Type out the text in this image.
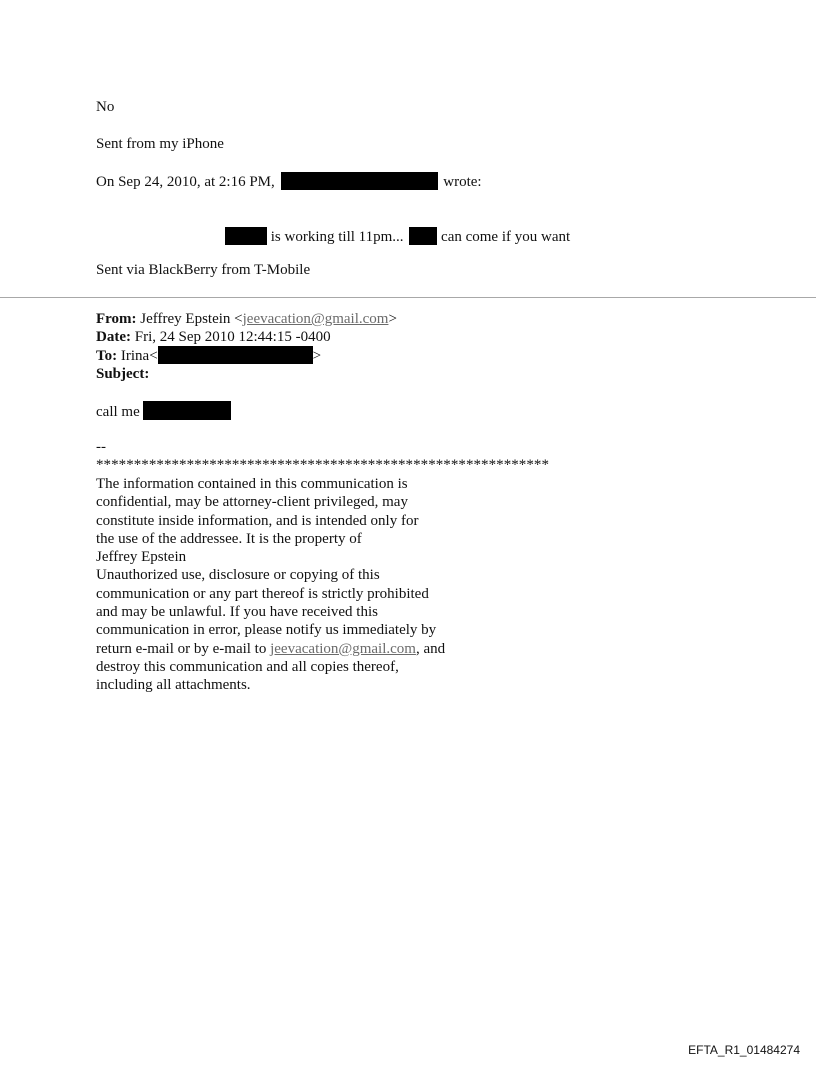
No
Sent from my iPhone
On Sep 24, 2010, at 2:16 PM,	wrote:
is working till 11pm...	can come if you want
Sent via BlackBerry from T-Mobile
From: Jeffrey Epstein <jeevacation@gmail.com>
Date: Fri, 24 Sep 2010 12:44:15 -0400
To: Irina<	>
Subject:
call me
--
************************************************************
The information contained in this communication is
confidential, may be attorney-client privileged, may
constitute inside information, and is intended only for
the use of the addressee. It is the property of
Jeffrey Epstein
Unauthorized use, disclosure or copying of this
communication or any part thereof is strictly prohibited
and may be unlawful. If you have received this
communication in error, please notify us immediately by
return e-mail or by e-mail to jeevacation@gmail.com, and
destroy this communication and all copies thereof,
including all attachments.
EFTA_R1_01484274
